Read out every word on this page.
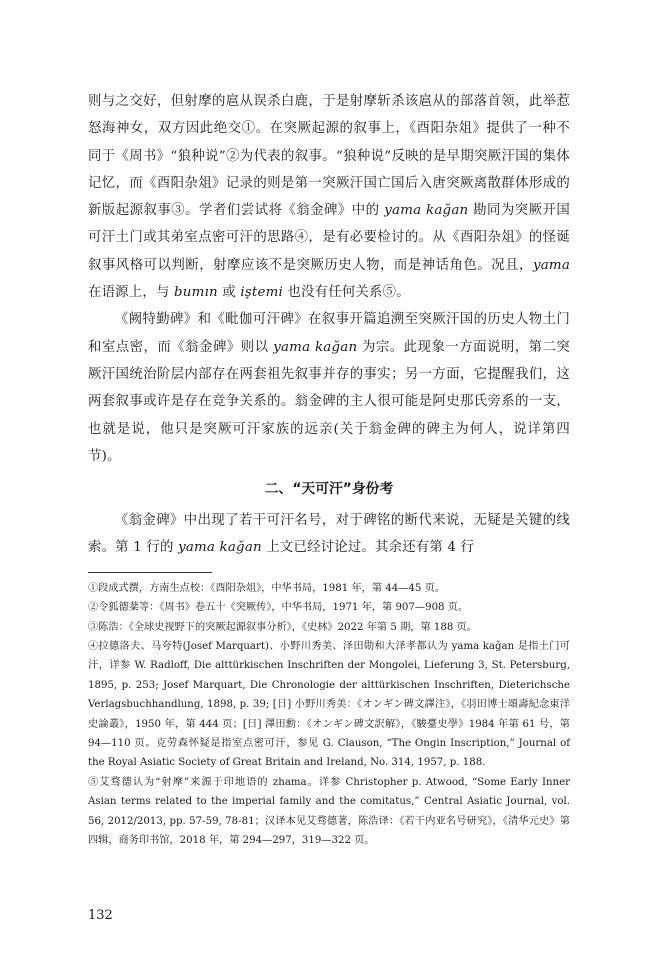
则与之交好，但射摩的扈从误杀白鹿，于是射摩斩杀该扈从的部落首领，此举惹怒海神女，双方因此绝交①。在突厥起源的叙事上，《酉阳杂俎》提供了一种不同于《周书》“狼种说”②为代表的叙事。“狼种说”反映的是早期突厥汗国的集体记忆，而《酉阳杂俎》记录的则是第一突厥汗国亡国后入唐突厥离散群体形成的新版起源叙事③。学者们尝试将《翁金碑》中的 yama kağan 勘同为突厥开国可汗土门或其弟室点密可汗的思路④，是有必要检讨的。从《酉阳杂俎》的怪诞叙事风格可以判断，射摩应该不是突厥历史人物，而是神话角色。况且，yama 在语源上，与 bumın 或 iştemi 也没有任何关系⑤。

《阙特勤碑》和《毗伽可汗碑》在叙事开篇追溯至突厥汗国的历史人物土门和室点密，而《翁金碑》则以 yama kağan 为宗。此现象一方面说明，第二突厥汗国统治阶层内部存在两套祖先叙事并存的事实；另一方面，它提醒我们，这两套叙事或许是存在竞争关系的。翁金碑的主人很可能是阿史那氏旁系的一支，也就是说，他只是突厥可汗家族的远亲(关于翁金碑的碑主为何人，说详第四节)。

二、“天可汗”身份考

《翁金碑》中出现了若干可汗名号，对于碑铭的断代来说，无疑是关键的线索。第 1 行的 yama kağan 上文已经讨论过。其余还有第 4 行

①段成式撰，方南生点校：《酉阳杂俎》，中华书局，1981 年，第 44—45 页。

②令狐德棻等：《周书》卷五十《突厥传》，中华书局，1971 年，第 907—908 页。

③陈浩：《全球史视野下的突厥起源叙事分析》，《史林》2022 年第 5 期，第 188 页。

④拉德洛夫、马夸特(Josef Marquart)、小野川秀美、泽田勋和大泽孝都认为 yama kağan 是指土门可汗，详参 W. Radloff, Die alttürkischen Inschriften der Mongolei, Lieferung 3, St. Petersburg, 1895, p. 253; Josef Marquart, Die Chronologie der alttürkischen Inschriften, Dieterichsche Verlagsbuchhandlung, 1898, p. 39; [日] 小野川秀美：《オンギン碑文譯注》，《羽田博士頌壽紀念東洋史論叢》，1950 年，第 444 页；[日] 澤田勳：《オンギン碑文訳解》，《駿臺史學》1984 年第 61 号，第 94—110 页。克劳森怀疑是指室点密可汗，参见 G. Clauson, “The Ongin Inscription,” Journal of the Royal Asiatic Society of Great Britain and Ireland, No. 314, 1957, p. 188.

⑤艾骛德认为“射摩”来源于印地语的 zhama。详参 Christopher p. Atwood, “Some Early Inner Asian terms related to the imperial family and the comitatus,” Central Asiatic Journal, vol. 56, 2012/2013, pp. 57-59, 78-81；汉译本见艾骛德著，陈浩译：《若干内亚名号研究》，《清华元史》第四辑，商务印书馆，2018 年，第 294—297，319—322 页。

132
